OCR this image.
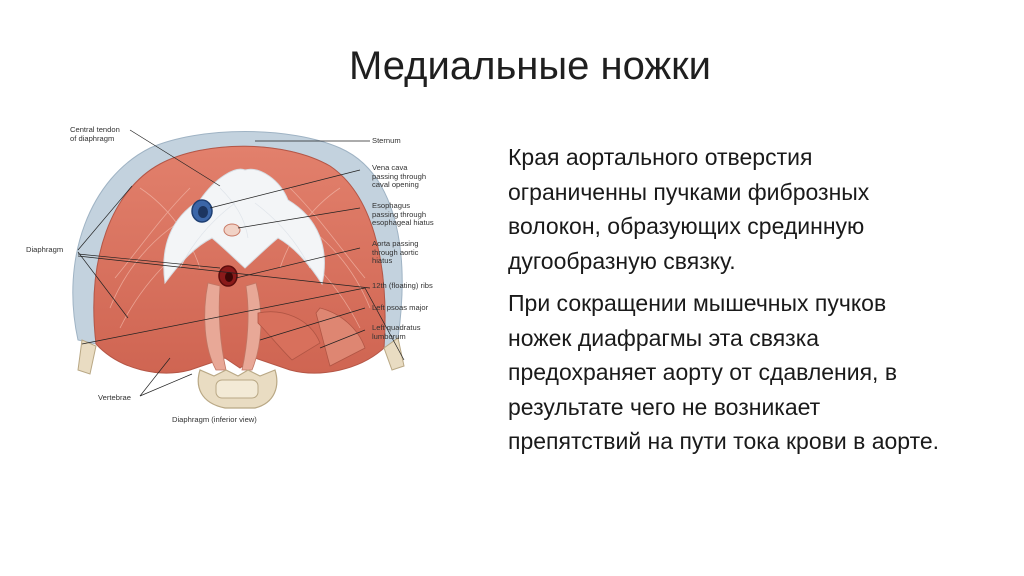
Медиальные ножки
Central tendon
of diaphragm	Sternum
Vena cava
passing through
caval opening
Esophagus
passing through
esophageal hiatus
Diaphragm
Aorta passing
through aortic
hiatus
12th (floating) ribs
Left psoas major
Left quadratus
lumborum
Vertebrae
Diaphragm (inferior view)

Края аортального отверстия ограниченны пучками фиброзных волокон, образующих срединную дугообразную связку.

При сокращении мышечных пучков ножек диафрагмы эта связка предохраняет аорту от сдавления, в результате чего не возникает препятствий на пути тока крови в аорте.
